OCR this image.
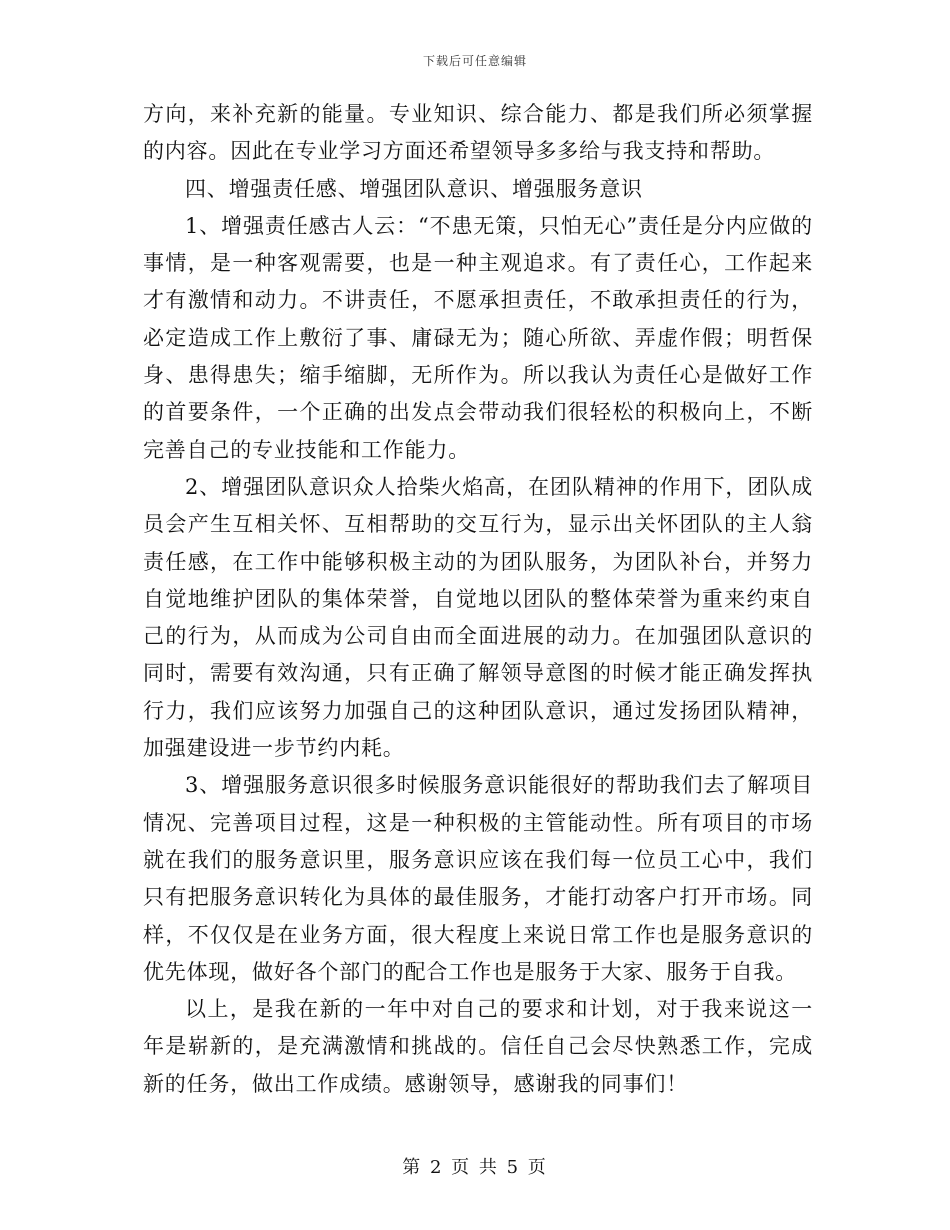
下载后可任意编辑

方向，来补充新的能量。专业知识、综合能力、都是我们所必须掌握的内容。因此在专业学习方面还希望领导多多给与我支持和帮助。

四、增强责任感、增强团队意识、增强服务意识

1、增强责任感古人云：“不患无策，只怕无心”责任是分内应做的事情，是一种客观需要，也是一种主观追求。有了责任心，工作起来才有激情和动力。不讲责任，不愿承担责任，不敢承担责任的行为，必定造成工作上敷衍了事、庸碌无为；随心所欲、弄虚作假；明哲保身、患得患失；缩手缩脚，无所作为。所以我认为责任心是做好工作的首要条件，一个正确的出发点会带动我们很轻松的积极向上，不断完善自己的专业技能和工作能力。

2、增强团队意识众人拾柴火焰高，在团队精神的作用下，团队成员会产生互相关怀、互相帮助的交互行为，显示出关怀团队的主人翁责任感，在工作中能够积极主动的为团队服务，为团队补台，并努力自觉地维护团队的集体荣誉，自觉地以团队的整体荣誉为重来约束自己的行为，从而成为公司自由而全面进展的动力。在加强团队意识的同时，需要有效沟通，只有正确了解领导意图的时候才能正确发挥执行力，我们应该努力加强自己的这种团队意识，通过发扬团队精神，加强建设进一步节约内耗。

3、增强服务意识很多时候服务意识能很好的帮助我们去了解项目情况、完善项目过程，这是一种积极的主管能动性。所有项目的市场就在我们的服务意识里，服务意识应该在我们每一位员工心中，我们只有把服务意识转化为具体的最佳服务，才能打动客户打开市场。同样，不仅仅是在业务方面，很大程度上来说日常工作也是服务意识的优先体现，做好各个部门的配合工作也是服务于大家、服务于自我。

以上，是我在新的一年中对自己的要求和计划，对于我来说这一年是崭新的，是充满激情和挑战的。信任自己会尽快熟悉工作，完成新的任务，做出工作成绩。感谢领导，感谢我的同事们！

第 2 页 共 5 页
